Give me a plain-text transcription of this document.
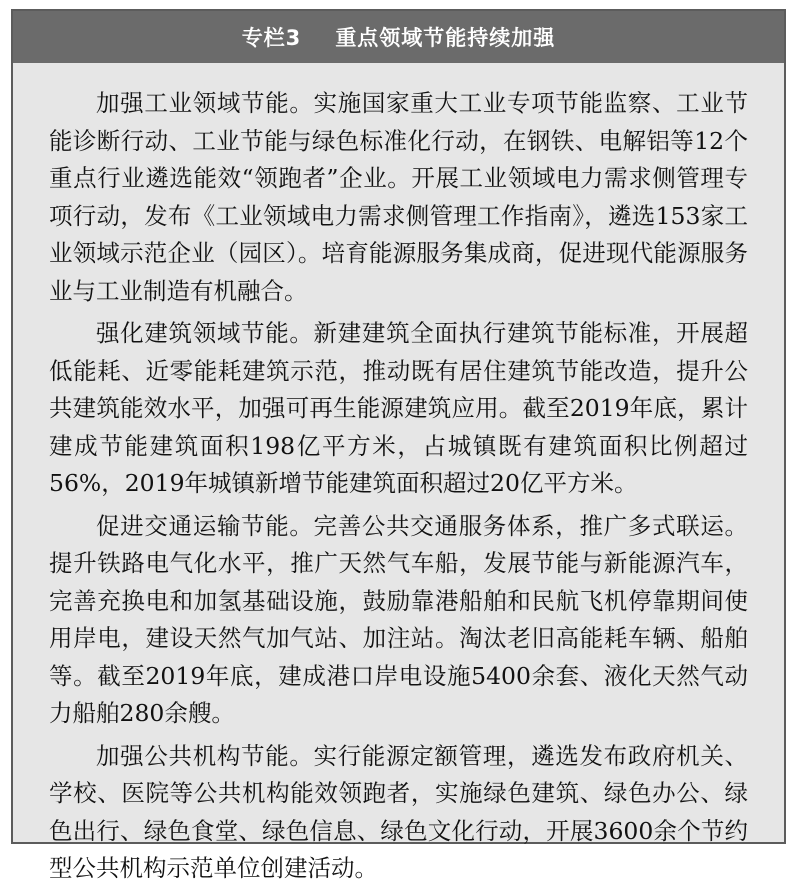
专栏3 重点领域节能持续加强

加强工业领域节能。实施国家重大工业专项节能监察、工业节能诊断行动、工业节能与绿色标准化行动，在钢铁、电解铝等12个重点行业遴选能效“领跑者”企业。开展工业领域电力需求侧管理专项行动，发布《工业领域电力需求侧管理工作指南》，遴选153家工业领域示范企业（园区）。培育能源服务集成商，促进现代能源服务业与工业制造有机融合。

强化建筑领域节能。新建建筑全面执行建筑节能标准，开展超低能耗、近零能耗建筑示范，推动既有居住建筑节能改造，提升公共建筑能效水平，加强可再生能源建筑应用。截至2019年底，累计建成节能建筑面积198亿平方米，占城镇既有建筑面积比例超过56%，2019年城镇新增节能建筑面积超过20亿平方米。

促进交通运输节能。完善公共交通服务体系，推广多式联运。提升铁路电气化水平，推广天然气车船，发展节能与新能源汽车，完善充换电和加氢基础设施，鼓励靠港船舶和民航飞机停靠期间使用岸电，建设天然气加气站、加注站。淘汰老旧高能耗车辆、船舶等。截至2019年底，建成港口岸电设施5400余套、液化天然气动力船舶280余艘。

加强公共机构节能。实行能源定额管理，遴选发布政府机关、学校、医院等公共机构能效领跑者，实施绿色建筑、绿色办公、绿色出行、绿色食堂、绿色信息、绿色文化行动，开展3600余个节约型公共机构示范单位创建活动。
